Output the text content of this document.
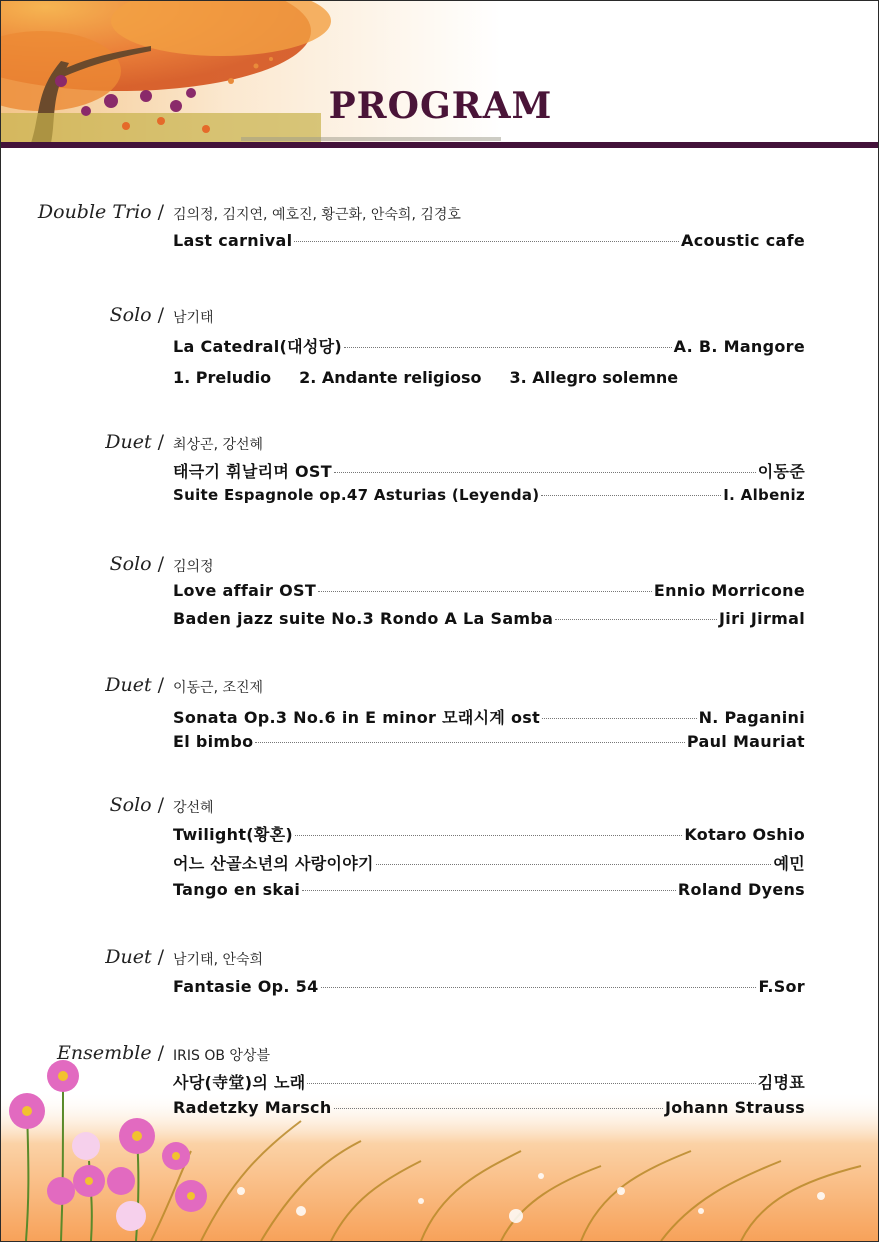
PROGRAM
Double Trio / 김의정, 김지연, 예호진, 황근화, 안숙희, 김경호
Last carnival	Acoustic cafe
Solo / 남기태
La Catedral(대성당)	A. B. Mangore
1. Preludio 2. Andante religioso 3. Allegro solemne
Duet / 최상곤, 강선혜
태극기 휘날리며 OST	이동준
Suite Espagnole op.47 Asturias (Leyenda)	I. Albeniz
Solo / 김의정
Love affair OST	Ennio Morricone
Baden jazz suite No.3 Rondo A La Samba	Jiri Jirmal
Duet / 이동근, 조진제
Sonata Op.3 No.6 in E minor 모래시계 ost	N. Paganini
El bimbo	Paul Mauriat
Solo / 강선혜
Twilight(황혼)	Kotaro Oshio
어느 산골소년의 사랑이야기	예민
Tango en skai	Roland Dyens
Duet / 남기태, 안숙희
Fantasie Op. 54	F.Sor
Ensemble / IRIS OB 앙상블
사당(寺堂)의 노래	김명표
Radetzky Marsch	Johann Strauss
